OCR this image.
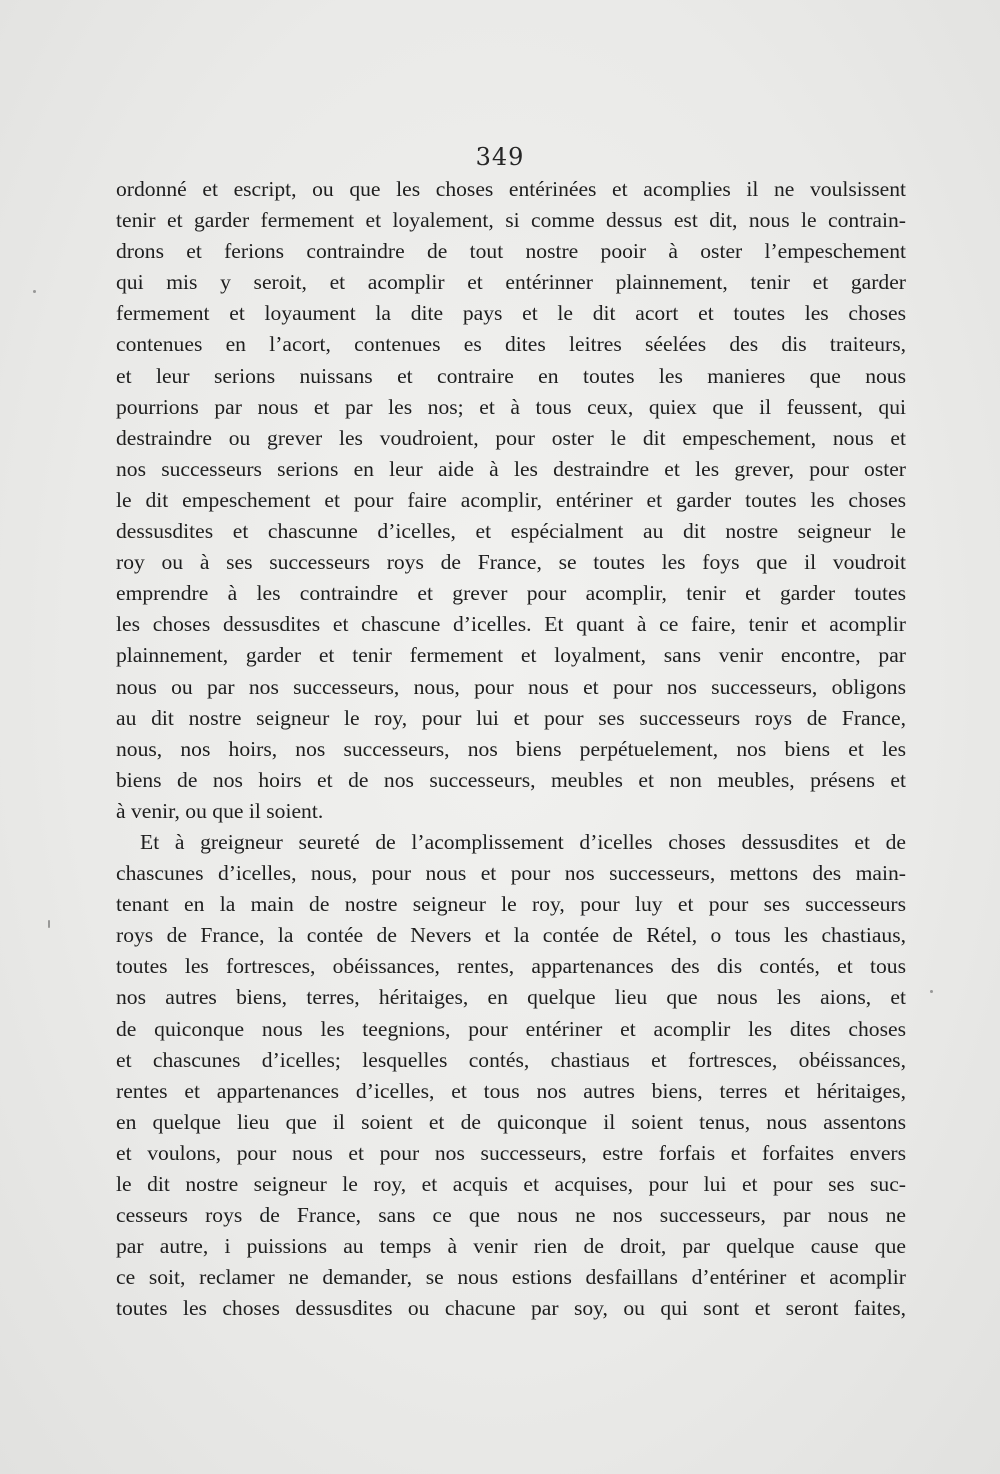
349
ordonné et escript, ou que les choses entérinées et acomplies il ne voulsissent
tenir et garder fermement et loyalement, si comme dessus est dit, nous le contrain-
drons et ferions contraindre de tout nostre pooir à oster l’empeschement
qui mis y seroit, et acomplir et entérinner plainnement, tenir et garder
fermement et loyaument la dite pays et le dit acort et toutes les choses
contenues en l’acort, contenues es dites leitres séelées des dis traiteurs,
et leur serions nuissans et contraire en toutes les manieres que nous
pourrions par nous et par les nos; et à tous ceux, quiex que il feussent, qui
destraindre ou grever les voudroient, pour oster le dit empeschement, nous et
nos successeurs serions en leur aide à les destraindre et les grever, pour oster
le dit empeschement et pour faire acomplir, entériner et garder toutes les choses
dessusdites et chascunne d’icelles, et espécialment au dit nostre seigneur le
roy ou à ses successeurs roys de France, se toutes les foys que il voudroit
emprendre à les contraindre et grever pour acomplir, tenir et garder toutes
les choses dessusdites et chascune d’icelles. Et quant à ce faire, tenir et acomplir
plainnement, garder et tenir fermement et loyalment, sans venir encontre, par
nous ou par nos successeurs, nous, pour nous et pour nos successeurs, obligons
au dit nostre seigneur le roy, pour lui et pour ses successeurs roys de France,
nous, nos hoirs, nos successeurs, nos biens perpétuelement, nos biens et les
biens de nos hoirs et de nos successeurs, meubles et non meubles, présens et
à venir, ou que il soient.
Et à greigneur seureté de l’acomplissement d’icelles choses dessusdites et de
chascunes d’icelles, nous, pour nous et pour nos successeurs, mettons des main-
tenant en la main de nostre seigneur le roy, pour luy et pour ses successeurs
roys de France, la contée de Nevers et la contée de Rétel, o tous les chastiaus,
toutes les fortresces, obéissances, rentes, appartenances des dis contés, et tous
nos autres biens, terres, héritaiges, en quelque lieu que nous les aions, et
de quiconque nous les teegnions, pour entériner et acomplir les dites choses
et chascunes d’icelles; lesquelles contés, chastiaus et fortresces, obéissances,
rentes et appartenances d’icelles, et tous nos autres biens, terres et héritaiges,
en quelque lieu que il soient et de quiconque il soient tenus, nous assentons
et voulons, pour nous et pour nos successeurs, estre forfais et forfaites envers
le dit nostre seigneur le roy, et acquis et acquises, pour lui et pour ses suc-
cesseurs roys de France, sans ce que nous ne nos successeurs, par nous ne
par autre, i puissions au temps à venir rien de droit, par quelque cause que
ce soit, reclamer ne demander, se nous estions desfaillans d’entériner et acomplir
toutes les choses dessusdites ou chacune par soy, ou qui sont et seront faites,
